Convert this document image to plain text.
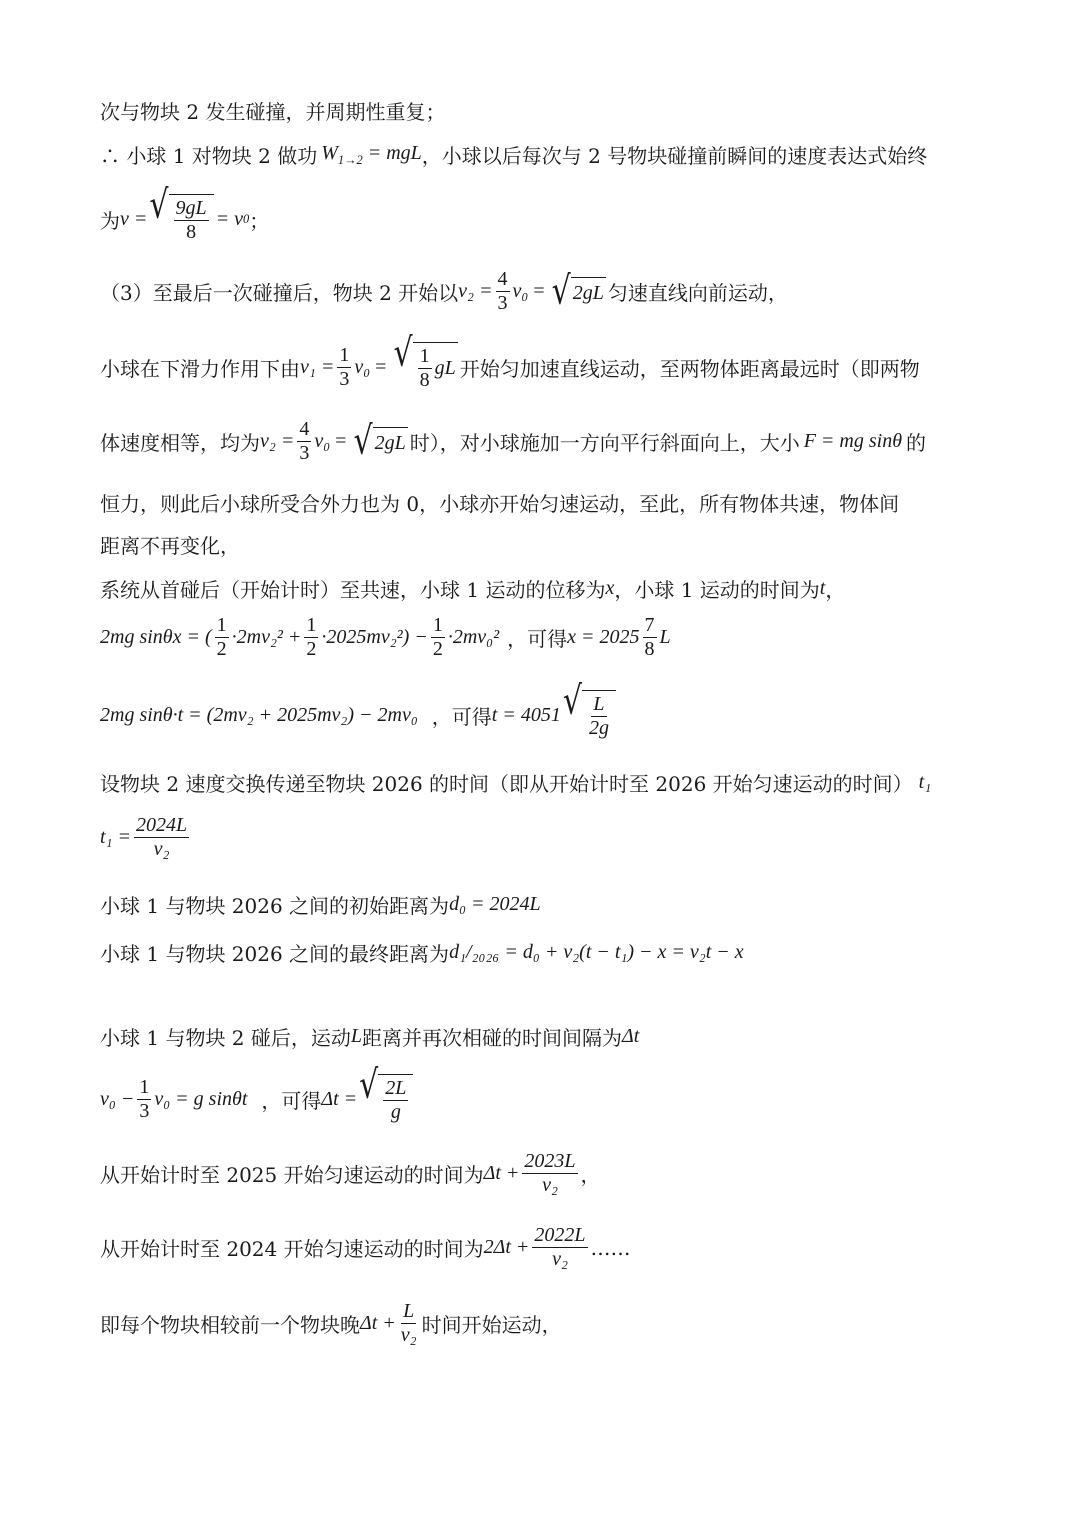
次与物块 2 发生碰撞，并周期性重复；
∴ 小球 1 对物块 2 做功 $W_{1\to 2}$ = mgL ，小球以后每次与 2 号物块碰撞前瞬间的速度表达式始终
为 v = √ $\frac{9gL}{8} = v$ 0 ；
（3）至最后一次碰撞后，物块 2 开始以 $v_2 = \frac{4}{3} v_0$ = √ 2gL 匀速直线向前运动，
小球在下滑力作用下由 $v_1 = \frac{1}{3} v_0$ = √ $\frac{1}{8}$ gL 开始匀加速直线运动，至两物体距离最远时（即两物
体速度相等，均为 $v_2 = \frac{4}{3} v_0$ = √ 2gL 时），对小球施加一方向平行斜面向上，大小 F = mg sinθ 的
恒力，则此后小球所受合外力也为 0，小球亦开始匀速运动，至此，所有物体共速，物体间
距离不再变化，
系统从首碰后（开始计时）至共速，小球 1 运动的位移为 x ，小球 1 运动的时间为 t ，
2mg sinθx = ( $\frac{1}{2} \cdot 2mv_2^2 + \frac{1}{2} \cdot 2025mv_2^2) - \frac{1}{2} \cdot 2mv_0^2$ ，可得 $x = 2025 \frac{7}{8}$ L
2mg sinθ·t = (2mv₂ + 2025mv₂) − 2mv₀ ，可得 t = 4051 √ $\frac{L}{2g}$
设物块 2 速度交换传递至物块 2026 的时间（即从开始计时至 2026 开始匀速运动的时间） t₁
$t_1 = \frac{2024L}{\text{v₂}}$
小球 1 与物块 2026 之间的初始距离为 d₀ = 2024L
小球 1 与物块 2026 之间的最终距离为 d₁/₂₀₂₆ = d₀ + v₂(t − t₁) − x = v₂t − x
小球 1 与物块 2 碰后，运动 L 距离并再次相碰的时间间隔为 Δt
$v_0 - \frac{1}{3} v_0 = g$ sinθt ，可得 Δt = √ $\frac{2L}{g}$
从开始计时至 2025 开始匀速运动的时间为 $\Delta t + \frac{2023L}{\text{v₂}}$ ，
从开始计时至 2024 开始匀速运动的时间为 $2\Delta t + \frac{2022L}{\text{v₂}}$ ……
即每个物块相较前一个物块晚 $\Delta t + \frac{L}{\text{v₂}}$ 时间开始运动，
